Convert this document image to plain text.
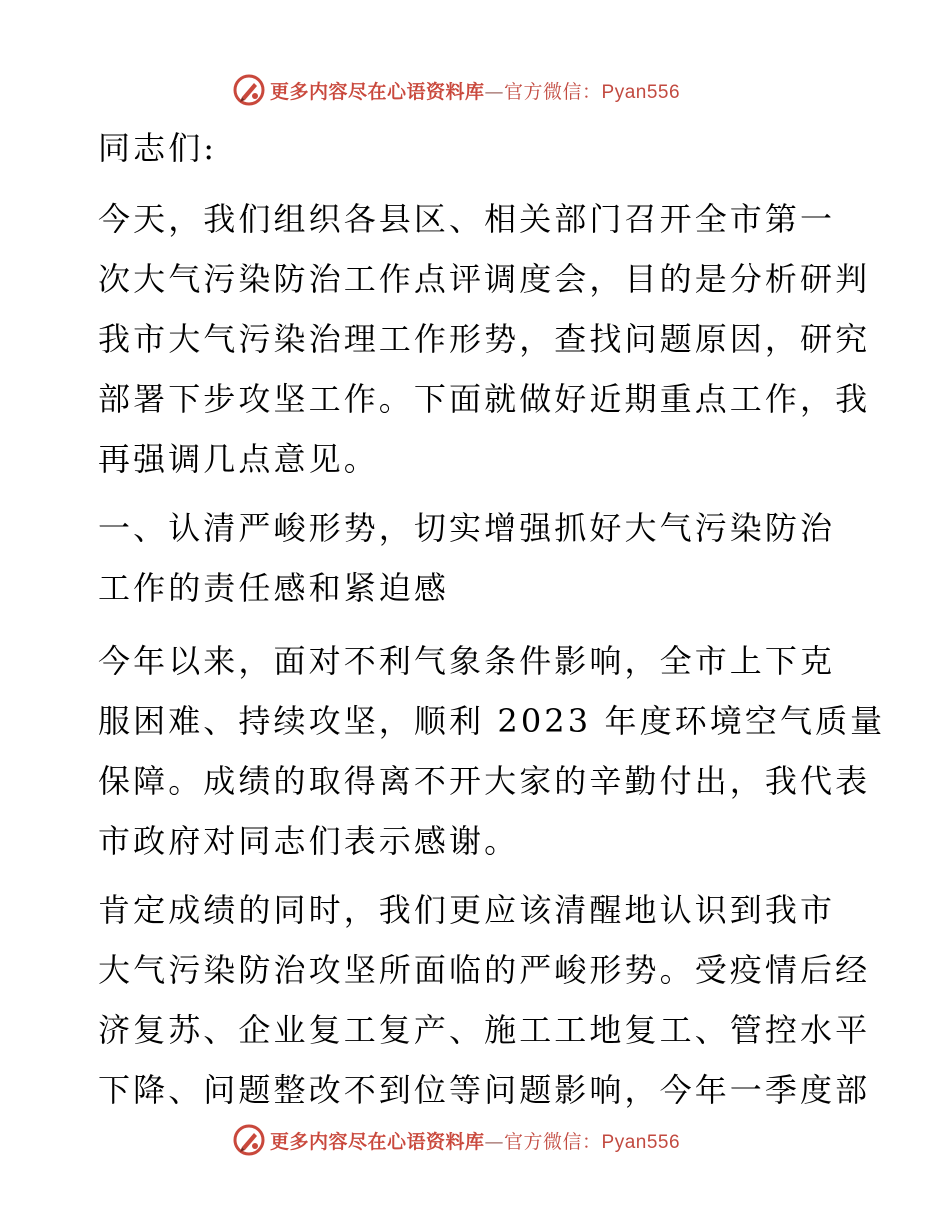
更多内容尽在心语资料库—官方微信：Pyan556

同志们:

今天，我们组织各县区、相关部门召开全市第一
次大气污染防治工作点评调度会，目的是分析研判
我市大气污染治理工作形势，查找问题原因，研究
部署下步攻坚工作。下面就做好近期重点工作，我
再强调几点意见。

一、认清严峻形势，切实增强抓好大气污染防治
工作的责任感和紧迫感

今年以来，面对不利气象条件影响，全市上下克
服困难、持续攻坚，顺利 2023 年度环境空气质量
保障。成绩的取得离不开大家的辛勤付出，我代表
市政府对同志们表示感谢。

肯定成绩的同时，我们更应该清醒地认识到我市
大气污染防治攻坚所面临的严峻形势。受疫情后经
济复苏、企业复工复产、施工工地复工、管控水平
下降、问题整改不到位等问题影响，今年一季度部

更多内容尽在心语资料库—官方微信：Pyan556
